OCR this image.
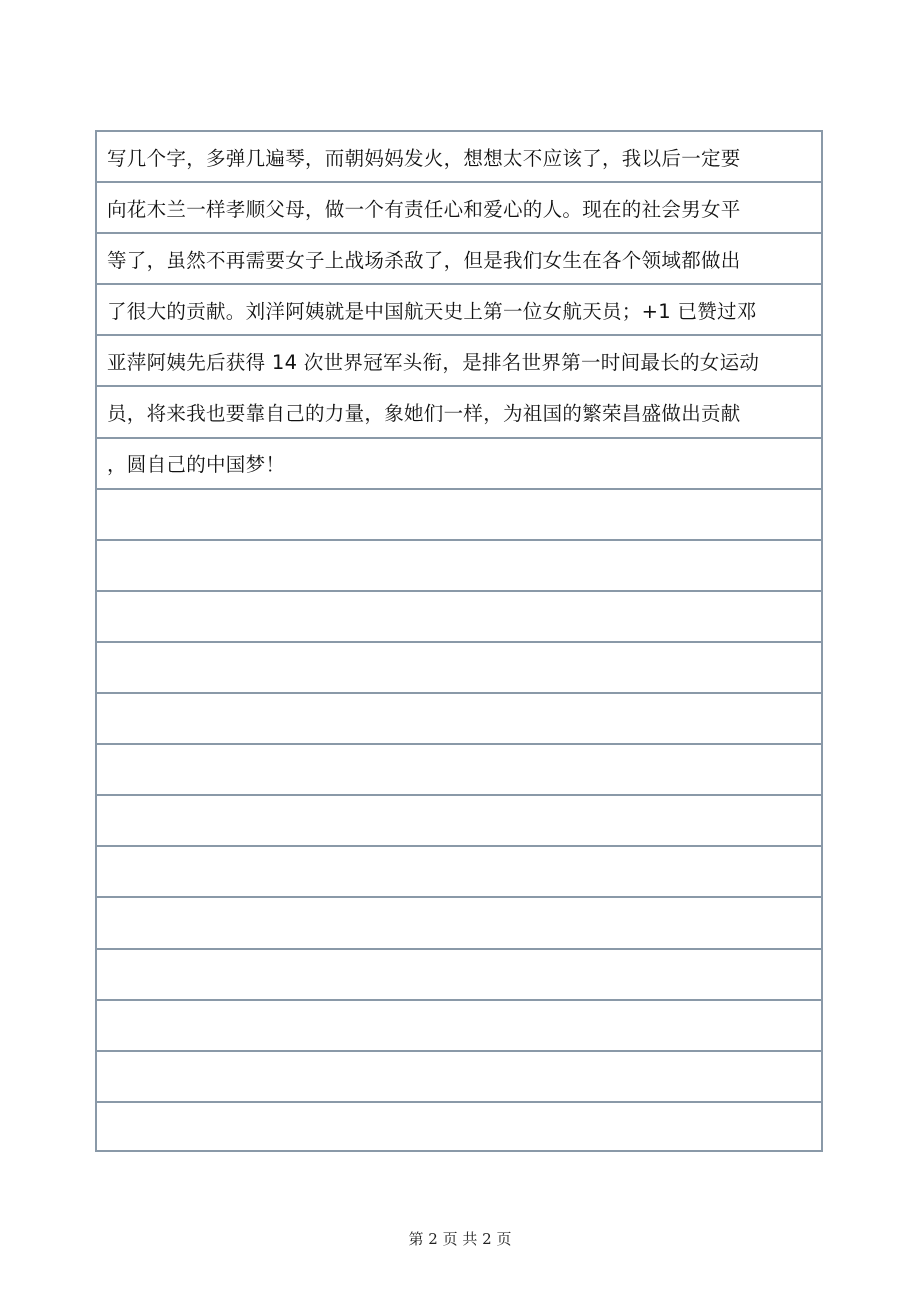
写几个字，多弹几遍琴，而朝妈妈发火，想想太不应该了，我以后一定要
向花木兰一样孝顺父母，做一个有责任心和爱心的人。现在的社会男女平
等了，虽然不再需要女子上战场杀敌了，但是我们女生在各个领域都做出
了很大的贡献。刘洋阿姨就是中国航天史上第一位女航天员；+1 已赞过邓
亚萍阿姨先后获得 14 次世界冠军头衔，是排名世界第一时间最长的女运动
员，将来我也要靠自己的力量，象她们一样，为祖国的繁荣昌盛做出贡献
，圆自己的中国梦！
第 2 页 共 2 页
